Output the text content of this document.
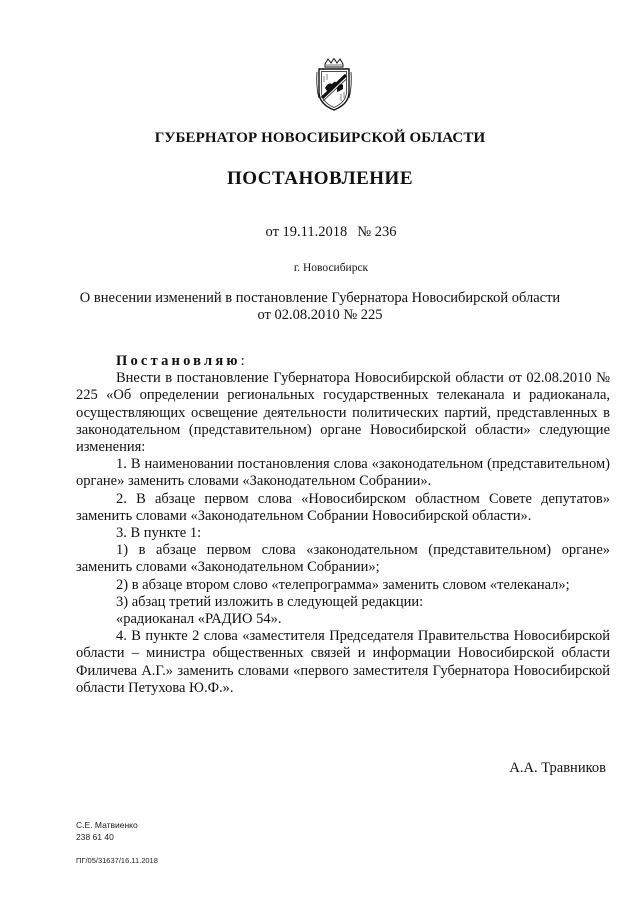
ГУБЕРНАТОР НОВОСИБИРСКОЙ ОБЛАСТИ
ПОСТАНОВЛЕНИЕ
от 19.11.2018 № 236
г. Новосибирск
О внесении изменений в постановление Губернатора Новосибирской области
от 02.08.2010 № 225

Постановляю:

Внести в постановление Губернатора Новосибирской области от 02.08.2010 № 225 «Об определении региональных государственных телеканала и радиоканала, осуществляющих освещение деятельности политических партий, представленных в законодательном (представительном) органе Новосибирской области» следующие изменения:

1. В наименовании постановления слова «законодательном (представительном) органе» заменить словами «Законодательном Собрании».

2. В абзаце первом слова «Новосибирском областном Совете депутатов» заменить словами «Законодательном Собрании Новосибирской области».

3. В пункте 1:

1) в абзаце первом слова «законодательном (представительном) органе» заменить словами «Законодательном Собрании»;

2) в абзаце втором слово «телепрограмма» заменить словом «телеканал»;

3) абзац третий изложить в следующей редакции:

«радиоканал «РАДИО 54».

4. В пункте 2 слова «заместителя Председателя Правительства Новосибирской области – министра общественных связей и информации Новосибирской области Филичева А.Г.» заменить словами «первого заместителя Губернатора Новосибирской области Петухова Ю.Ф.».

А.А. Травников
С.Е. Матвиенко
238 61 40
ПГ/05/31637/16.11.2018
